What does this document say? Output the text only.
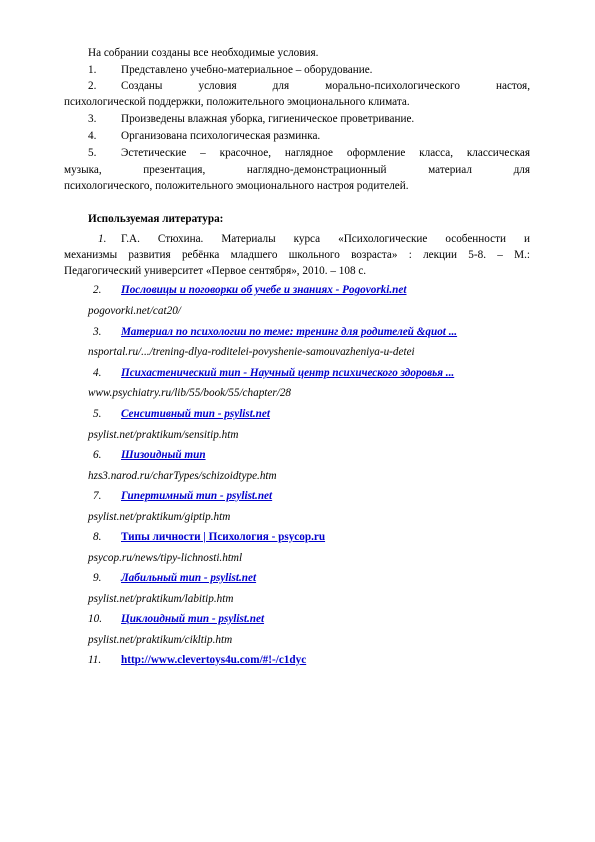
На собрании созданы все необходимые условия.
1. Представлено учебно-материальное – оборудование.
2. Созданы условия для морально-психологического настоя,
психологической поддержки, положительного эмоционального климата.
3. Произведены влажная уборка, гигиеническое проветривание.
4. Организована психологическая разминка.
5. Эстетические – красочное, наглядное оформление класса, классическая
музыка, презентация, наглядно-демонстрационный материал для
психологического, положительного эмоционального настроя родителей.
Используемая литература:
1. Г.А. Стюхина. Материалы курса «Психологические особенности и
механизмы развития ребёнка младшего школьного возраста» : лекции 5-8. – М.:
Педагогический университет «Первое сентября», 2010. – 108 с.
2. Пословицы и поговорки об учебе и знаниях - Pogovorki.net
pogovorki.net/cat20/
3. Материал по психологии по теме: тренинг для родителей &quot ...
nsportal.ru/.../trening-dlya-roditelei-povyshenie-samouvazheniya-u-detei
4. Психастенический тип - Научный центр психического здоровья ...
www.psychiatry.ru/lib/55/book/55/chapter/28
5. Сенситивный тип - psylist.net
psylist.net/praktikum/sensitip.htm
6. Шизоидный тип
hzs3.narod.ru/charTypes/schizoidtype.htm
7. Гипертимный тип - psylist.net
psylist.net/praktikum/giptip.htm
8. Типы личности | Психология - psycop.ru
psycop.ru/news/tipy-lichnosti.html
9. Лабильный тип - psylist.net
psylist.net/praktikum/labitip.htm
10. Циклоидный тип - psylist.net
psylist.net/praktikum/cikltip.htm
11. http://www.clevertoys4u.com/#!-/c1dyc
